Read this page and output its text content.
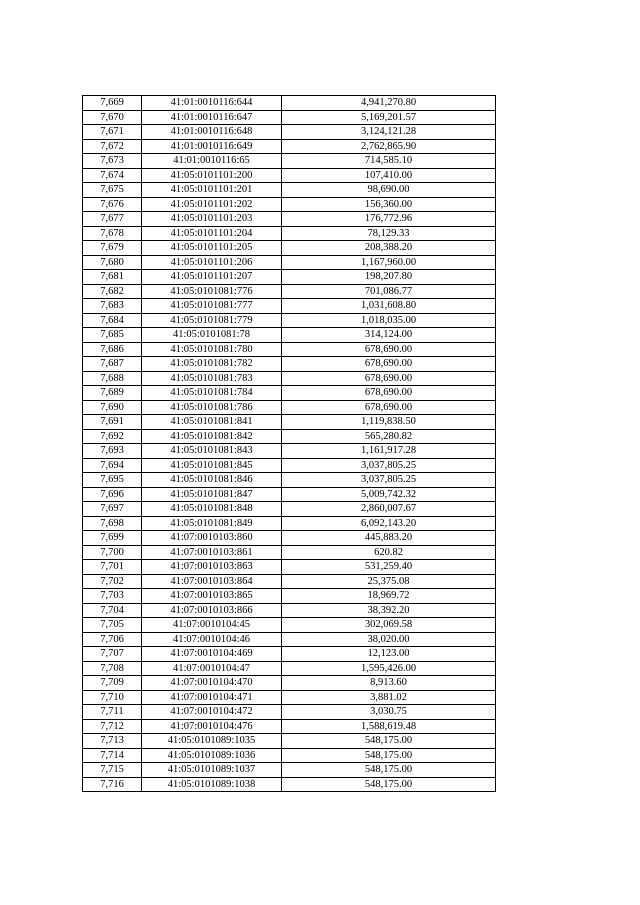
7,669	41:01:0010116:644	4,941,270.80
7,670	41:01:0010116:647	5,169,201.57
7,671	41:01:0010116:648	3,124,121.28
7,672	41:01:0010116:649	2,762,865.90
7,673	41:01:0010116:65	714,585.10
7,674	41:05:0101101:200	107,410.00
7,675	41:05:0101101:201	98,690.00
7,676	41:05:0101101:202	156,360.00
7,677	41:05:0101101:203	176,772.96
7,678	41:05:0101101:204	78,129.33
7,679	41:05:0101101:205	208,388.20
7,680	41:05:0101101:206	1,167,960.00
7,681	41:05:0101101:207	198,207.80
7,682	41:05:0101081:776	701,086.77
7,683	41:05:0101081:777	1,031,608.80
7,684	41:05:0101081:779	1,018,035.00
7,685	41:05:0101081:78	314,124.00
7,686	41:05:0101081:780	678,690.00
7,687	41:05:0101081:782	678,690.00
7,688	41:05:0101081:783	678,690.00
7,689	41:05:0101081:784	678,690.00
7,690	41:05:0101081:786	678,690.00
7,691	41:05:0101081:841	1,119,838.50
7,692	41:05:0101081:842	565,280.82
7,693	41:05:0101081:843	1,161,917.28
7,694	41:05:0101081:845	3,037,805.25
7,695	41:05:0101081:846	3,037,805.25
7,696	41:05:0101081:847	5,009,742.32
7,697	41:05:0101081:848	2,860,007.67
7,698	41:05:0101081:849	6,092,143.20
7,699	41:07:0010103:860	445,883.20
7,700	41:07:0010103:861	620.82
7,701	41:07:0010103:863	531,259.40
7,702	41:07:0010103:864	25,375.08
7,703	41:07:0010103:865	18,969.72
7,704	41:07:0010103:866	38,392.20
7,705	41:07:0010104:45	302,069.58
7,706	41:07:0010104:46	38,020.00
7,707	41:07:0010104:469	12,123.00
7,708	41:07:0010104:47	1,595,426.00
7,709	41:07:0010104:470	8,913.60
7,710	41:07:0010104:471	3,881.02
7,711	41:07:0010104:472	3,030.75
7,712	41:07:0010104:476	1,588,619.48
7,713	41:05:0101089:1035	548,175.00
7,714	41:05:0101089:1036	548,175.00
7,715	41:05:0101089:1037	548,175.00
7,716	41:05:0101089:1038	548,175.00
